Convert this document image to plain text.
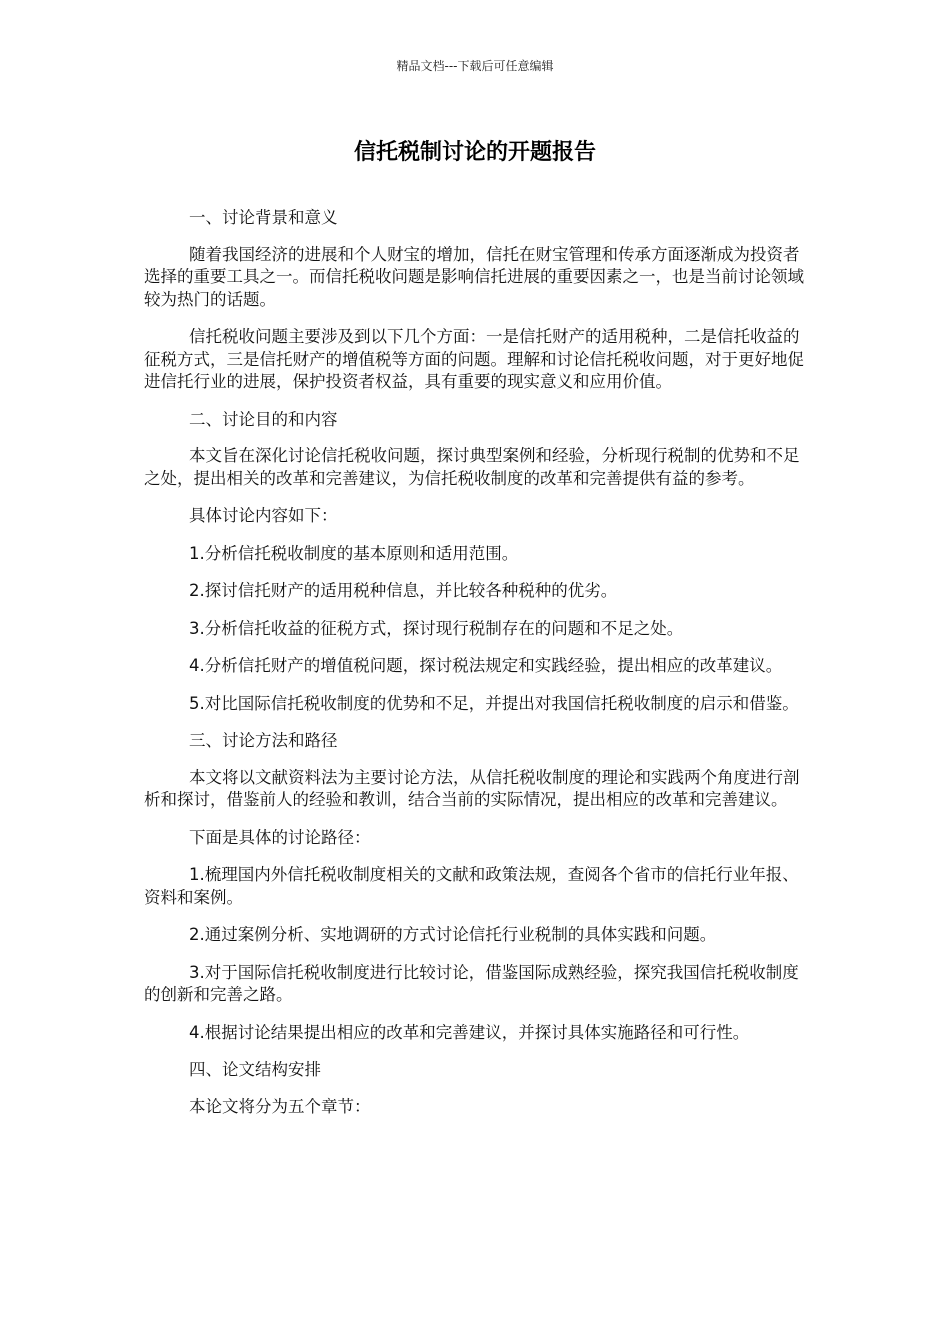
精品文档---下载后可任意编辑
信托税制讨论的开题报告

一、讨论背景和意义

随着我国经济的进展和个人财宝的增加，信托在财宝管理和传承方面逐渐成为投资者选择的重要工具之一。而信托税收问题是影响信托进展的重要因素之一，也是当前讨论领域较为热门的话题。

信托税收问题主要涉及到以下几个方面：一是信托财产的适用税种，二是信托收益的征税方式，三是信托财产的增值税等方面的问题。理解和讨论信托税收问题，对于更好地促进信托行业的进展，保护投资者权益，具有重要的现实意义和应用价值。

二、讨论目的和内容

本文旨在深化讨论信托税收问题，探讨典型案例和经验，分析现行税制的优势和不足之处，提出相关的改革和完善建议，为信托税收制度的改革和完善提供有益的参考。

具体讨论内容如下：

1.分析信托税收制度的基本原则和适用范围。

2.探讨信托财产的适用税种信息，并比较各种税种的优劣。

3.分析信托收益的征税方式，探讨现行税制存在的问题和不足之处。

4.分析信托财产的增值税问题，探讨税法规定和实践经验，提出相应的改革建议。

5.对比国际信托税收制度的优势和不足，并提出对我国信托税收制度的启示和借鉴。

三、讨论方法和路径

本文将以文献资料法为主要讨论方法，从信托税收制度的理论和实践两个角度进行剖析和探讨，借鉴前人的经验和教训，结合当前的实际情况，提出相应的改革和完善建议。

下面是具体的讨论路径：

1.梳理国内外信托税收制度相关的文献和政策法规，查阅各个省市的信托行业年报、资料和案例。

2.通过案例分析、实地调研的方式讨论信托行业税制的具体实践和问题。

3.对于国际信托税收制度进行比较讨论，借鉴国际成熟经验，探究我国信托税收制度的创新和完善之路。

4.根据讨论结果提出相应的改革和完善建议，并探讨具体实施路径和可行性。

四、论文结构安排

本论文将分为五个章节：
